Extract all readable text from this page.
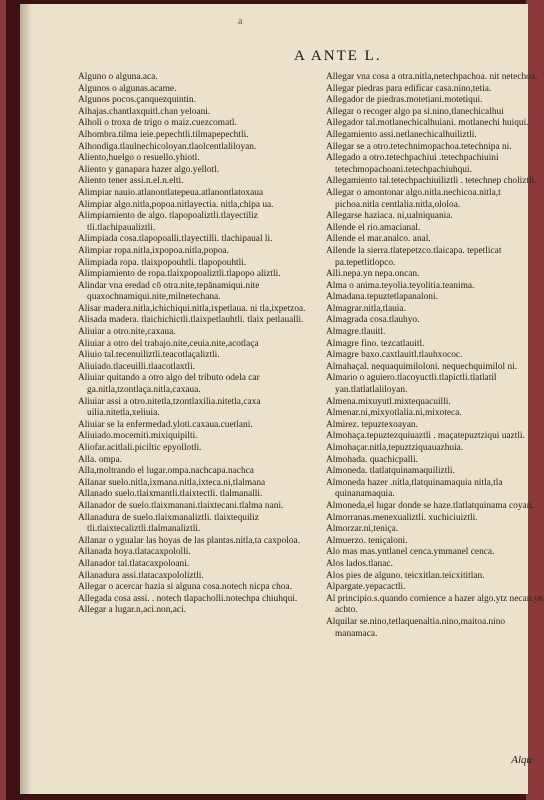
a
A ANTE L.
Alguno o alguna.aca.
Algunos o algunas.acame.
Algunos pocos.çanquezquintin.
Alhajas.chantlaxquitl.chan yeloani.
Alholi o troxa de trigo o maiz.cuezcomatl.
Alhombra.tilma ieie.pepechtli.tilmapepechtli.
Alhondiga.tlaulnechicoloyan.tlaolcentlaliloyan.
Aliento,huelgo o resuello.yhiotl.
Aliento y ganapara hazer algo.yellotl.
Aliento tener assi.n.el.n.elti.
Alimpiar nauio.atlanontlatepeua.atlanontlatoxaua
Alimpiar algo.nitla,popoa.nitlayectia. nitla,chipa ua.
Alimpiamiento de algo. tlapopoaliztli.tlayectiliz tli.tlachipaualiztli.
Alimpiada cosa.tlapopoalli.tlayectilli. tlachipaual li.
Alimpiar ropa.nitla,ixpopoa.nitla,popoa.
Alimpiada ropa. tlaixpopouhtli. tlapopouhtli.
Alimpiamiento de ropa.tlaixpopoaliztli.tlapopo aliztli.
Alindar vna eredad cō otra.nite,tepānamiqui.nite quaxochnamiqui.nite,milnetechana.
Alisar madera.nitla,ichichiqui.nitla,ixpetlaua. ni tla,ixpetzoa.
Alisada madera. tlaichichictli.tlaixpetlauhtli. tlaix petlaualli.
Aliuiar a otro.nite,caxaua.
Aliuiar a otro del trabajo.nite,ceuia.nite,acotlaça
Aliuio tal.tecenuiliztli.teacotlaçaliztli.
Aliuiado.tlaceuilli.tlaacotlaxtli.
Aliuiar quitando a otro algo del tributo odela car ga.nitla,tzontlaça.nitla,caxaua.
Aliuiar assi a otro.nitetla,tzontlaxilia.nitetla,caxa uilia.nitetla,xeliuia.
Aliuiar se la enfermedad.yloti.caxaua.cuetlani.
Aliuiado.mocemiti.mixiquipilti.
Aliofar.acitlali.piciltic epyollotli.
Alla. ompa.
Alla,moltrando el lugar.ompa.nachcapa.nachca
Allanar suelo.nitla,ixmana.nitla,ixteca.ni,tlalmana
Allanado suelo.tlaixmantli.tlaixtectli. tlalmanalli.
Allanador de suelo.tlaixmanani.tlaixtecani.tlalma nani.
Allanadura de suelo.tlaixmanaliztli. tlaixtequiliz tli.tlaixtecaliztli.tlalmanaliztli.
Allanar o ygualar las hoyas de las plantas.nitla,ta caxpoloa.
Allanada hoya.tlatacaxpololli.
Allanador tal.tlatacaxpoloani.
Allanadura assi.tlatacaxpololiztli.
Allegar o acercar hazia si alguna cosa.notech nicpa choa.
Allegada cosa assi. . notech tlapacholli.notechpa chiuhqui.
Allegar a lugar.n,aci.non,aci.
Allegar vna cosa a otra.nitla,netechpachoa. nit netechoa.
Allegar piedras para edificar casa.nino,tetia.
Allegador de piedras.motetiani.motetiqui.
Allegar o recoger algo pa si.nino,tlanechicalhui
Allegador tal.motlanechicalhuiani. motlanechi huiqui.
Allegamiento assi.netlanechicalhuiliztli.
Allegar se a otro.tetechnimopachoa.tetechnipa ni.
Allegado a otro.tetechpachiui .tetechpachiuini tetechmopachoani.tetechpachiuhqui.
Allegamiento tal.tetechpachiuiliztli . tetechnep choliztli.
Allegar o amontonar algo.nitla.nechicoa.nitla,t pichoa.nitla centlalia.nitla,ololoa.
Allegarse haziaca. ni,ualniquania.
Allende el rio.amacianal.
Allende el mar.analco. anal.
Allende la sierra.tlatepetzco.tlaicapa. tepetlicat pa.tepetlitlopco.
Alli.nepa.yn nepa.oncan.
Alma o anima.teyolia.teyolitia.teanima.
Almadana.tepuztetlapanaloni.
Almagrar.nitla,tlauia.
Almagrada cosa.tlauhyo.
Almagre.tlauitl.
Almagre fino. tezcatlauitl.
Almagre baxo.caxtlauitl.tlauhxococ.
Almahaçal. nequaquimiloloni. nequechquimilol ni.
Almario o aguiero.tlacoyuctli.tlapictli.tlatlatil yan.tlatlatlaliloyan.
Almena.mixuyutl.mixtequacuilli.
Almenar.ni,mixyotlalia.ni,mixoteca.
Almirez. tepuztexoayan.
Almohaça.tepuztezquiuaztli . maçatepuztziqui uaztli.
Almohaçar.nitla,tepuztziquauazhuia.
Almohada. quachicpalli.
Almoneda. tlatlatquinamaquiliztli.
Almoneda hazer .nitla,tlatquinamaquia nitla,tla quinanamaquia.
Almoneda,el lugar donde se haze.tlatlatquinama coyan.
Almorranas.menexualiztli. xuchiciuiztli.
Almorzar.ni,teniça.
Almuerzo. teniçaloni.
Alo mas mas.yntlanel cenca.ymmanel cenca.
Alos lados.tlanac.
Alos pies de alguno. teicxitlan.teicxititlan.
Alpargate.yepacactli.
Al principio.s.quando comience a hazer algo.ytz necan.yn achto.
Alquilar se.nino,tetlaquenaltia.nino,maitoa.nino manamaca.
Alqu
